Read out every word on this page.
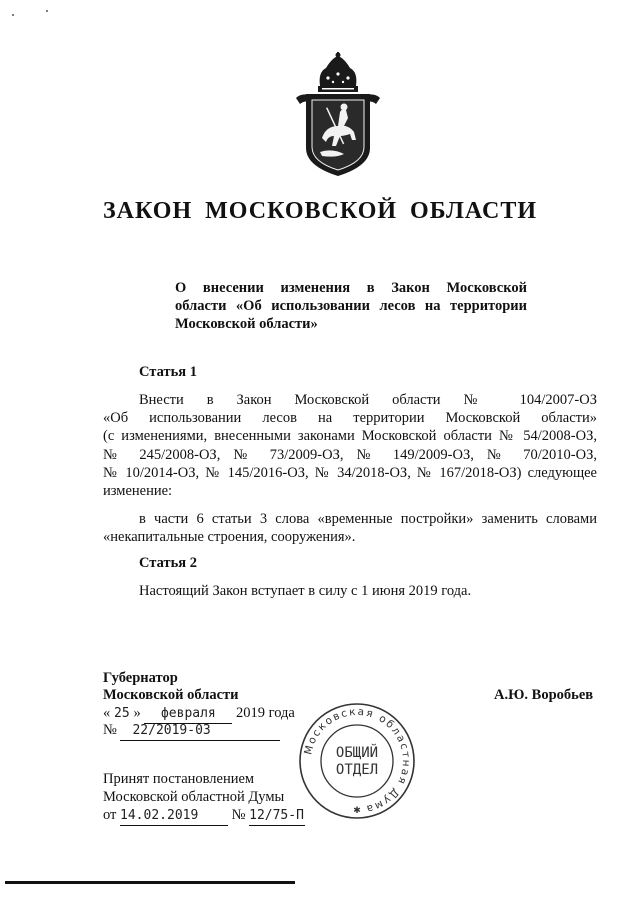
ЗАКОН МОСКОВСКОЙ ОБЛАСТИ
О внесении изменения в Закон Московской
области «Об использовании лесов на территории
Московской области»
Статья 1
Внести в Закон Московской области № 104/2007-ОЗ
«Об использовании лесов на территории Московской области»
(с изменениями, внесенными законами Московской области № 54/2008-ОЗ,
№ 245/2008-ОЗ, № 73/2009-ОЗ, № 149/2009-ОЗ, № 70/2010-ОЗ,
№ 10/2014-ОЗ, № 145/2016-ОЗ, № 34/2018-ОЗ, № 167/2018-ОЗ) следующее
изменение:
в части 6 статьи 3 слова «временные постройки» заменить словами
«некапитальные строения, сооружения».
Статья 2
Настоящий Закон вступает в силу с 1 июня 2019 года.
Губернатор
Московской области	А.Ю. Воробьев
« 25 » февраля 2019 года
№ 22/2019-03
Принят постановлением
Московской областной Думы
от 14.02.2019 № 12/75-П
Московская областная Дума
ОБЩИЙ
ОТДЕЛ
✱
